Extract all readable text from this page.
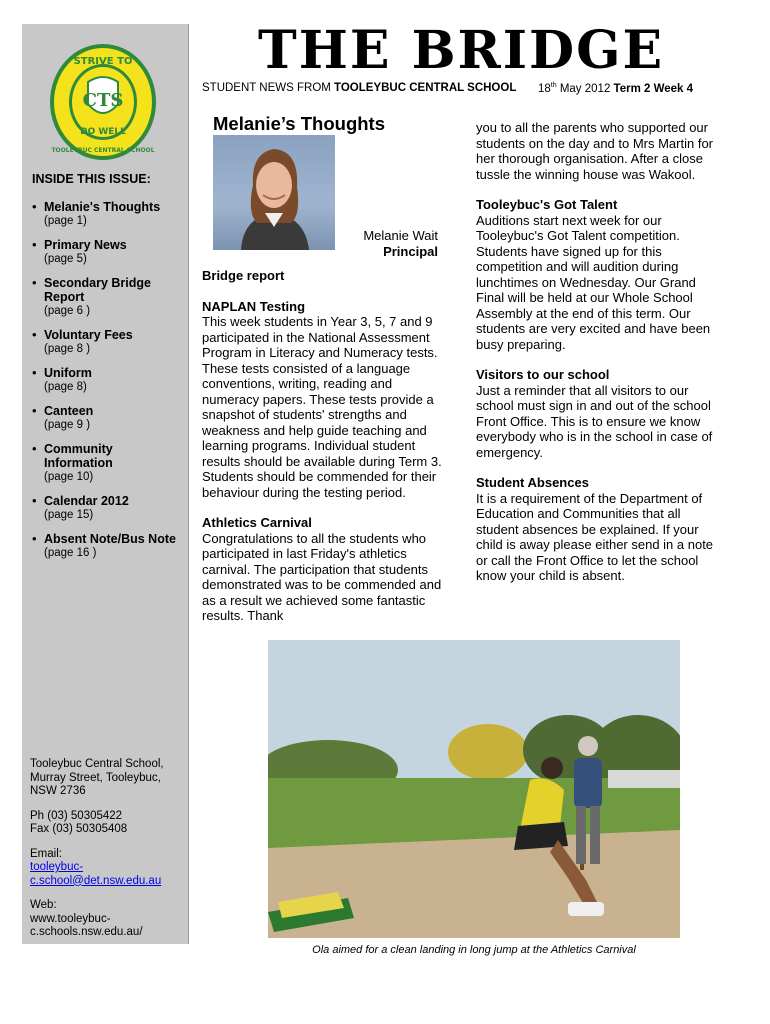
CTS
STRIVE TO
DO WELL
TOOLEYBUC CENTRAL SCHOOL
INSIDE THIS ISSUE:
• Melanie's Thoughts
(page 1)
• Primary News
(page 5)
• Secondary Bridge Report
(page 6 )
• Voluntary Fees
(page 8 )
• Uniform
(page 8)
• Canteen
(page 9 )
• Community Information
(page 10)
• Calendar 2012
(page 15)
• Absent Note/Bus Note
(page 16 )

Tooleybuc Central School, Murray Street, Tooleybuc, NSW 2736

Ph (03) 50305422
Fax (03) 50305408

Email:
tooleybuc-c.school@det.nsw.edu.au

Web:
www.tooleybuc-c.schools.nsw.edu.au/

THE BRIDGE
STUDENT NEWS FROM TOOLEYBUC CENTRAL SCHOOL 18th May 2012 Term 2 Week 4
Melanie’s Thoughts
Melanie Wait
Principal
Bridge report
NAPLAN Testing

This week students in Year 3, 5, 7 and 9 participated in the National Assessment Program in Literacy and Numeracy tests. These tests consisted of a language conventions, writing, reading and numeracy papers. These tests provide a snapshot of students' strengths and weakness and help guide teaching and learning programs. Individual student results should be available during Term 3. Students should be commended for their behaviour during the testing period.

Athletics Carnival

Congratulations to all the students who participated in last Friday's athletics carnival. The participation that students demonstrated was to be commended and as a result we achieved some fantastic results. Thank

you to all the parents who supported our students on the day and to Mrs Martin for her thorough organisation. After a close tussle the winning house was Wakool.

Tooleybuc's Got Talent

Auditions start next week for our Tooleybuc's Got Talent competition. Students have signed up for this competition and will audition during lunchtimes on Wednesday. Our Grand Final will be held at our Whole School Assembly at the end of this term. Our students are very excited and have been busy preparing.

Visitors to our school

Just a reminder that all visitors to our school must sign in and out of the school Front Office. This is to ensure we know everybody who is in the school in case of emergency.

Student Absences

It is a requirement of the Department of Education and Communities that all student absences be explained. If your child is away please either send in a note or call the Front Office to let the school know your child is absent.

Ola aimed for a clean landing in long jump at the Athletics Carnival
